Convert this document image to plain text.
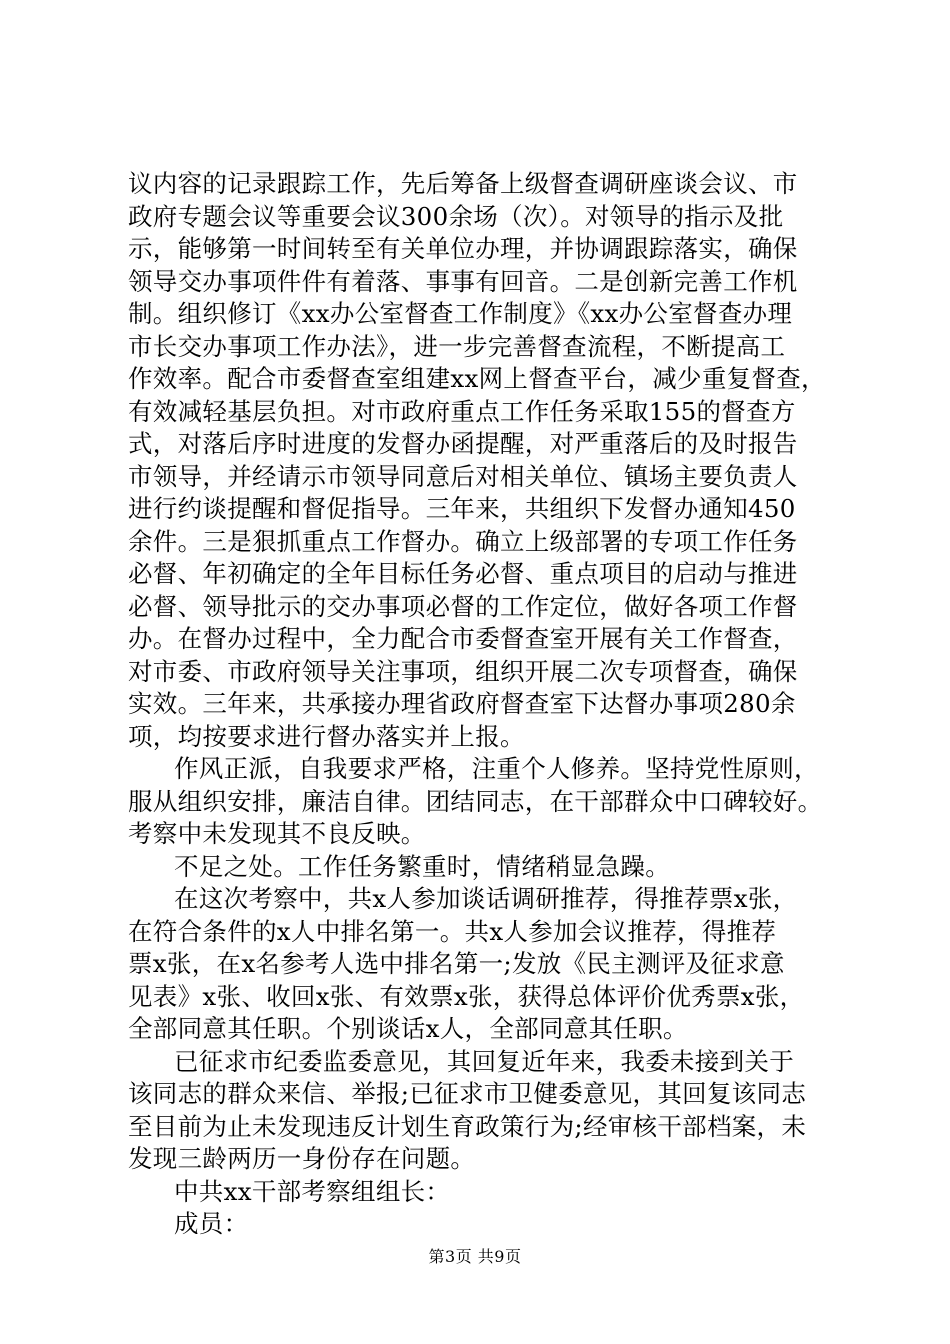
议内容的记录跟踪工作，先后筹备上级督查调研座谈会议、市
政府专题会议等重要会议300余场（次）。对领导的指示及批
示，能够第一时间转至有关单位办理，并协调跟踪落实，确保
领导交办事项件件有着落、事事有回音。二是创新完善工作机
制。组织修订《xx办公室督查工作制度》《xx办公室督查办理
市长交办事项工作办法》，进一步完善督查流程，不断提高工
作效率。配合市委督查室组建xx网上督查平台，减少重复督查，
有效减轻基层负担。对市政府重点工作任务采取155的督查方
式，对落后序时进度的发督办函提醒，对严重落后的及时报告
市领导，并经请示市领导同意后对相关单位、镇场主要负责人
进行约谈提醒和督促指导。三年来，共组织下发督办通知450
余件。三是狠抓重点工作督办。确立上级部署的专项工作任务
必督、年初确定的全年目标任务必督、重点项目的启动与推进
必督、领导批示的交办事项必督的工作定位，做好各项工作督
办。在督办过程中，全力配合市委督查室开展有关工作督查，
对市委、市政府领导关注事项，组织开展二次专项督查，确保
实效。三年来，共承接办理省政府督查室下达督办事项280余
项，均按要求进行督办落实并上报。
作风正派，自我要求严格，注重个人修养。坚持党性原则，
服从组织安排，廉洁自律。团结同志，在干部群众中口碑较好。
考察中未发现其不良反映。
不足之处。工作任务繁重时，情绪稍显急躁。
在这次考察中，共x人参加谈话调研推荐，得推荐票x张，
在符合条件的x人中排名第一。共x人参加会议推荐，得推荐
票x张，在x名参考人选中排名第一;发放《民主测评及征求意
见表》x张、收回x张、有效票x张，获得总体评价优秀票x张，
全部同意其任职。个别谈话x人，全部同意其任职。
已征求市纪委监委意见，其回复近年来，我委未接到关于
该同志的群众来信、举报;已征求市卫健委意见，其回复该同志
至目前为止未发现违反计划生育政策行为;经审核干部档案，未
发现三龄两历一身份存在问题。
中共xx干部考察组组长：
成员：
第3页 共9页
